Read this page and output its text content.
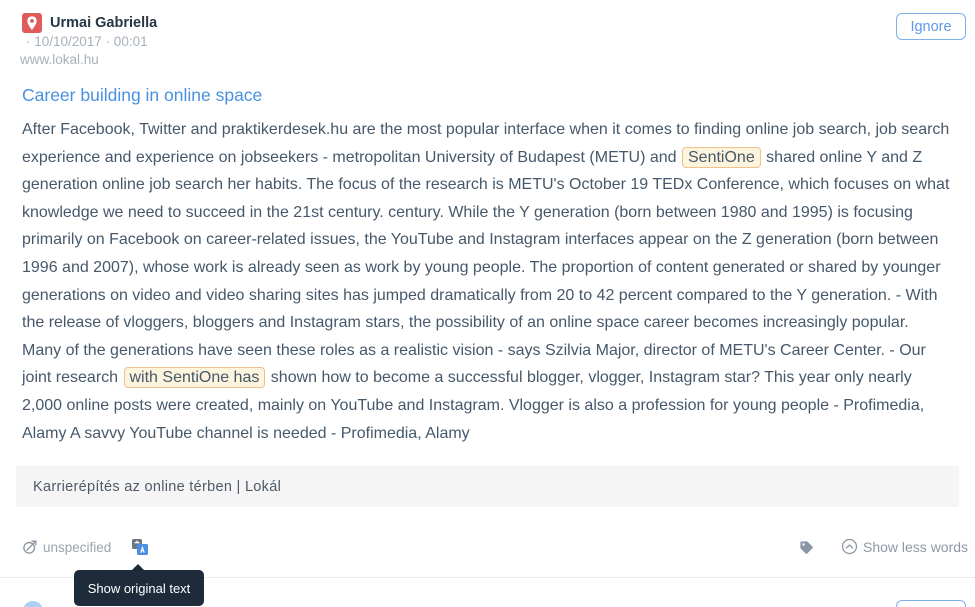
Urmai Gabriella
· 10/10/2017 · 00:01
www.lokal.hu
Ignore
Career building in online space

After Facebook, Twitter and praktikerdesek.hu are the most popular interface when it comes to finding online job search, job search experience and experience on jobseekers - metropolitan University of Budapest (METU) and SentiOne shared online Y and Z generation online job search her habits. The focus of the research is METU's October 19 TEDx Conference, which focuses on what knowledge we need to succeed in the 21st century. century. While the Y generation (born between 1980 and 1995) is focusing primarily on Facebook on career-related issues, the YouTube and Instagram interfaces appear on the Z generation (born between 1996 and 2007), whose work is already seen as work by young people. The proportion of content generated or shared by younger generations on video and video sharing sites has jumped dramatically from 20 to 42 percent compared to the Y generation. - With the release of vloggers, bloggers and Instagram stars, the possibility of an online space career becomes increasingly popular. Many of the generations have seen these roles as a realistic vision - says Szilvia Major, director of METU's Career Center. - Our joint research with SentiOne has shown how to become a successful blogger, vlogger, Instagram star? This year only nearly 2,000 online posts were created, mainly on YouTube and Instagram. Vlogger is also a profession for young people - Profimedia, Alamy A savvy YouTube channel is needed - Profimedia, Alamy

Karrierépítés az online térben | Lokál
unspecified	Show less words
Show original text
